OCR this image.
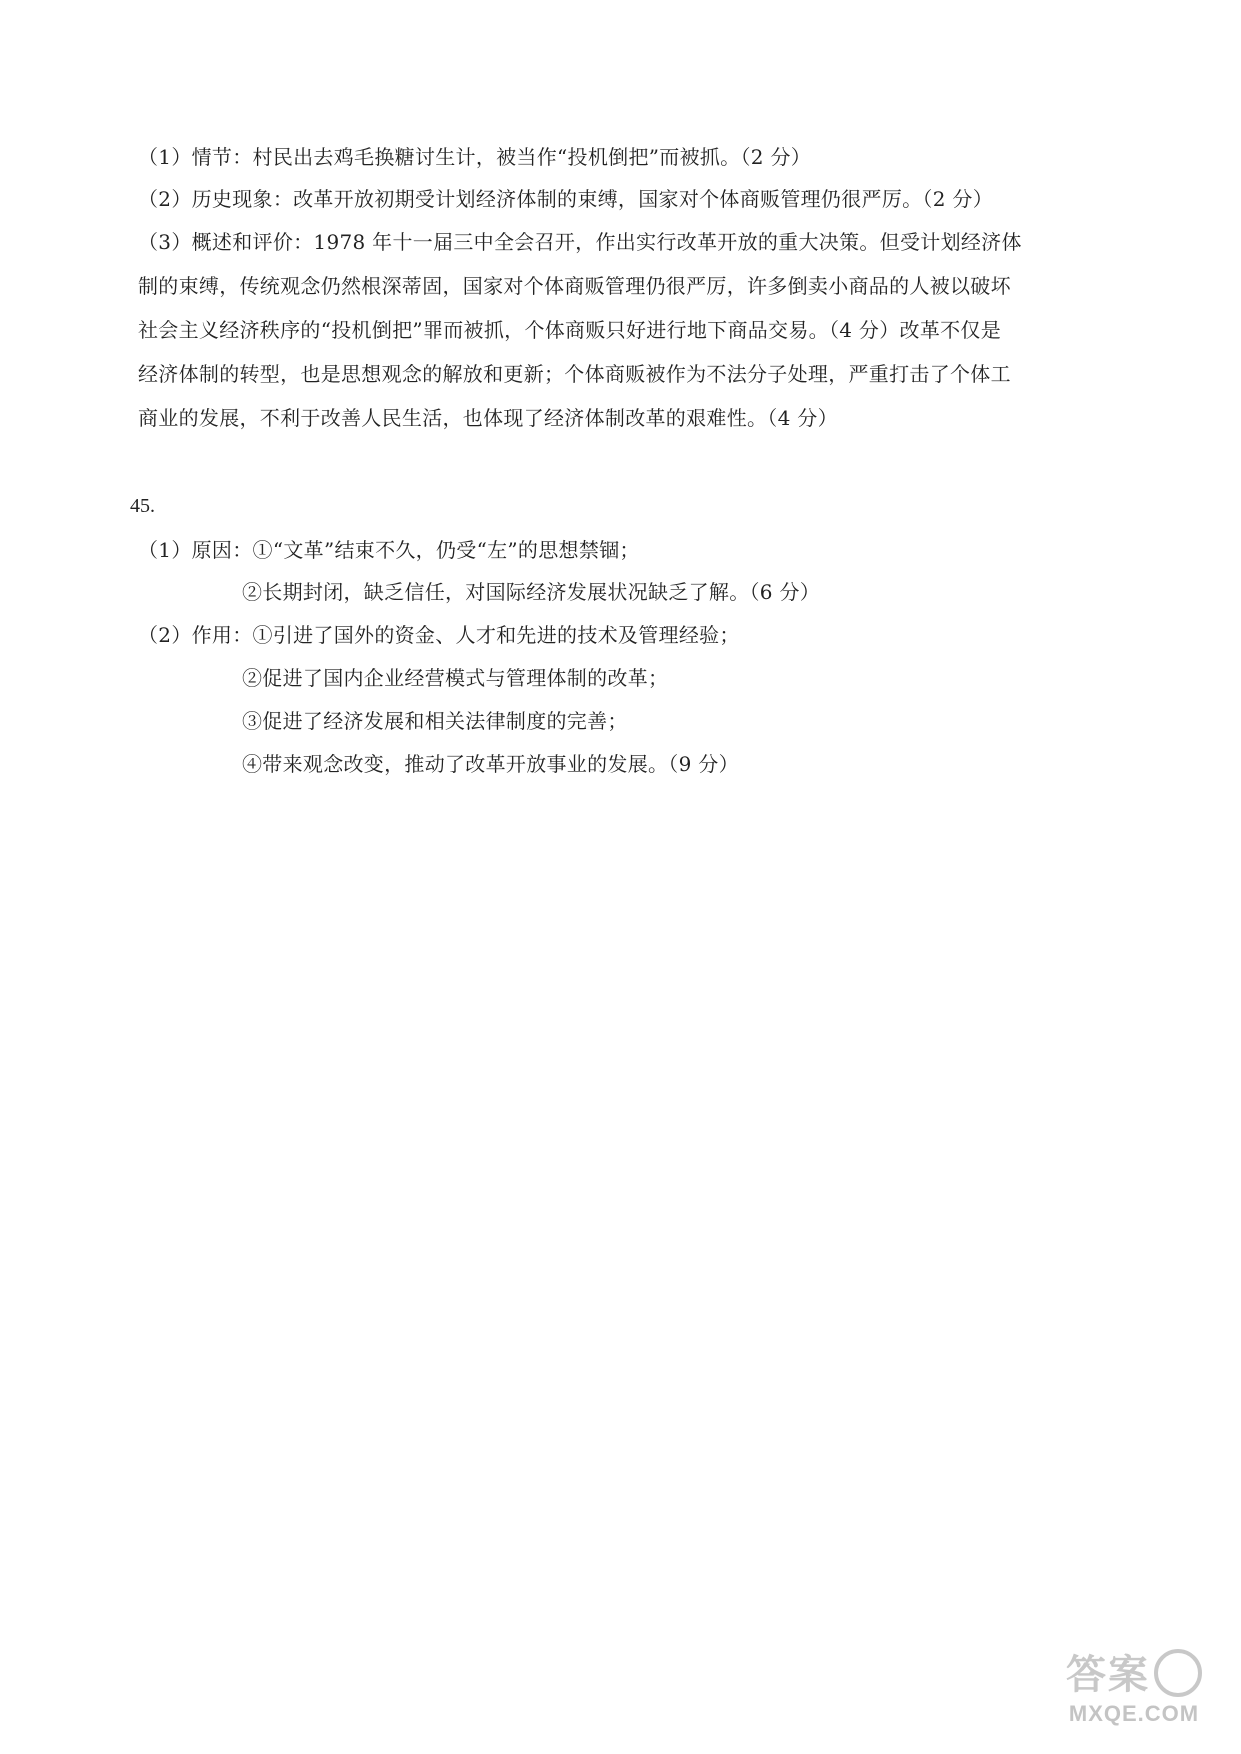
（1）情节：村民出去鸡毛换糖讨生计，被当作“投机倒把”而被抓。（2 分）
（2）历史现象：改革开放初期受计划经济体制的束缚，国家对个体商贩管理仍很严厉。（2 分）
（3）概述和评价：1978 年十一届三中全会召开，作出实行改革开放的重大决策。但受计划经济体
制的束缚，传统观念仍然根深蒂固，国家对个体商贩管理仍很严厉，许多倒卖小商品的人被以破坏
社会主义经济秩序的“投机倒把”罪而被抓，个体商贩只好进行地下商品交易。（4 分）改革不仅是
经济体制的转型，也是思想观念的解放和更新；个体商贩被作为不法分子处理，严重打击了个体工
商业的发展，不利于改善人民生活，也体现了经济体制改革的艰难性。（4 分）
45.
（1）原因：①“文革”结束不久，仍受“左”的思想禁锢；
②长期封闭，缺乏信任，对国际经济发展状况缺乏了解。（6 分）
（2）作用：①引进了国外的资金、人才和先进的技术及管理经验；
②促进了国内企业经营模式与管理体制的改革；
③促进了经济发展和相关法律制度的完善；
④带来观念改变，推动了改革开放事业的发展。（9 分）
答案
MXQE.COM
